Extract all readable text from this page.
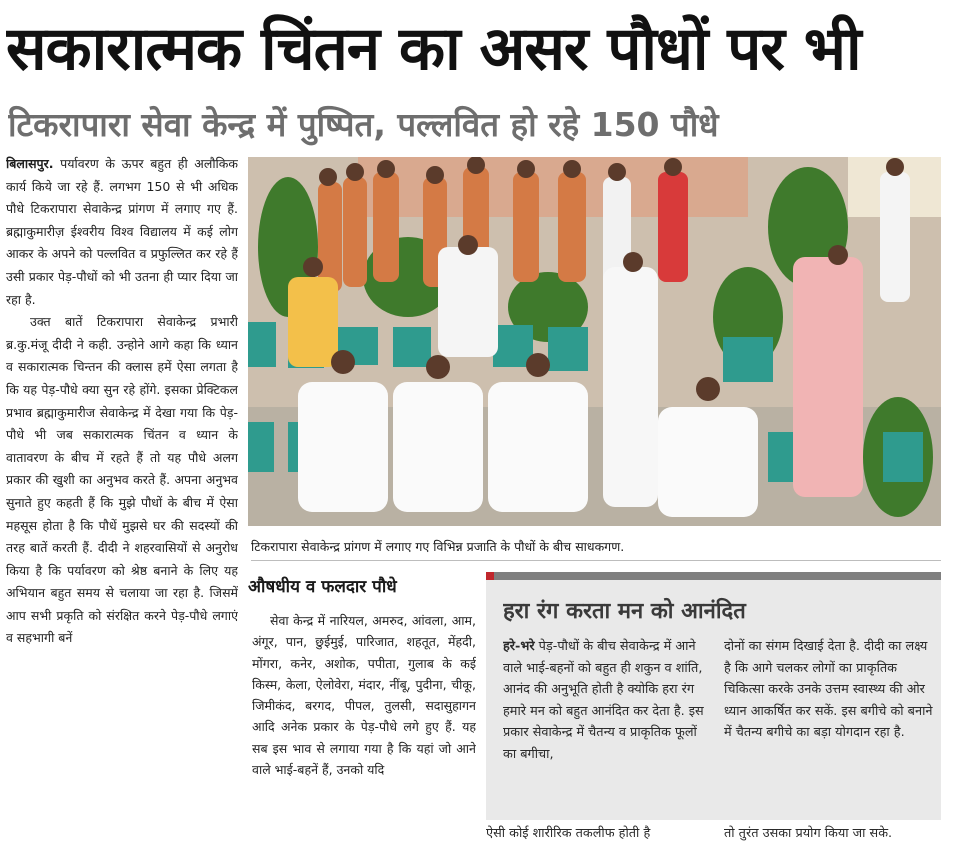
सकारात्मक चिंतन का असर पौधों पर भी
टिकरापारा सेवा केन्द्र में पुष्पित, पल्लवित हो रहे 150 पौधे

बिलासपुर. पर्यावरण के ऊपर बहुत ही अलौकिक कार्य किये जा रहे हैं. लगभग 150 से भी अधिक पौधे टिकरापारा सेवाकेन्द्र प्रांगण में लगाए गए हैं. ब्रह्माकुमारीज़ ईश्वरीय विश्व विद्यालय में कई लोग आकर के अपने को पल्लवित व प्रफुल्लित कर रहे हैं उसी प्रकार पेड़-पौधों को भी उतना ही प्यार दिया जा रहा है.

उक्त बातें टिकरापारा सेवाकेन्द्र प्रभारी ब्र.कु.मंजू दीदी ने कही. उन्होने आगे कहा कि ध्यान व सकारात्मक चिन्तन की क्लास हमें ऐसा लगता है कि यह पेड़-पौधे क्या सुन रहे होंगे. इसका प्रेक्टिकल प्रभाव ब्रह्माकुमारीज सेवाकेन्द्र में देखा गया कि पेड़-पौधे भी जब सकारात्मक चिंतन व ध्यान के वातावरण के बीच में रहते हैं तो यह पौधे अलग प्रकार की खुशी का अनुभव करते हैं. अपना अनुभव सुनाते हुए कहती हैं कि मुझे पौधों के बीच में ऐसा महसूस होता है कि पौधें मुझसे घर की सदस्यों की तरह बातें करती हैं. दीदी ने शहरवासियों से अनुरोध किया है कि पर्यावरण को श्रेष्ठ बनाने के लिए यह अभियान बहुत समय से चलाया जा रहा है. जिसमें आप सभी प्रकृति को संरक्षित करने पेड़-पौधे लगाएं व सहभागी बनें

टिकरापारा सेवाकेन्द्र प्रांगण में लगाए गए विभिन्न प्रजाति के पौधों के बीच साधकगण.
औषधीय व फलदार पौधे

सेवा केन्द्र में नारियल, अमरुद, आंवला, आम, अंगूर, पान, छुईमुई, पारिजात, शहतूत, मेंहदी, मोंगरा, कनेर, अशोक, पपीता, गुलाब के कई किस्म, केला, ऐलोवेरा, मंदार, नींबू, पुदीना, चीकू, जिमीकंद, बरगद, पीपल, तुलसी, सदासुहागन आदि अनेक प्रकार के पेड़-पौधे लगे हुए हैं. यह सब इस भाव से लगाया गया है कि यहां जो आने वाले भाई-बहनें हैं, उनको यदि

हरा रंग करता मन को आनंदित

हरे-भरे पेड़-पौधों के बीच सेवाकेन्द्र में आने वाले भाई-बहनों को बहुत ही शकुन व शांति, आनंद की अनुभूति होती है क्योकि हरा रंग हमारे मन को बहुत आनंदित कर देता है. इस प्रकार सेवाकेन्द्र में चैतन्य व प्राकृतिक फूलों का बगीचा,

दोनों का संगम दिखाई देता है. दीदी का लक्ष्य है कि आगे चलकर लोगों का प्राकृतिक चिकित्सा करके उनके उत्तम स्वास्थ्य की ओर ध्यान आकर्षित कर सकें. इस बगीचे को बनाने में चैतन्य बगीचे का बड़ा योगदान रहा है.

ऐसी कोई शारीरिक तकलीफ होती है	तो तुरंत उसका प्रयोग किया जा सके.
